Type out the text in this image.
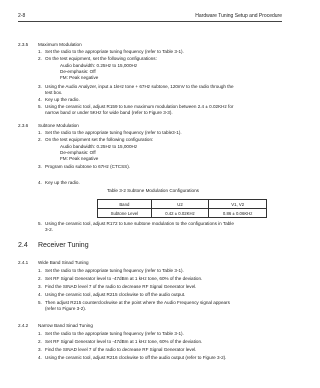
2-8	Hardware Tuning Setup and Procedure
2.3.5 Maximum Modulation
1. Set the radio to the appropriate tuning frequency (refer to Table 3-1).
2. On the test equipment, set the following configurations:
Audio bandwidth: 0.25Hz to 15,000Hz
De-emphasis: Off
FM: Peak negative
3. Using the Audio Analyzer, input a 1kHz tone + 67Hz subtone, 120mV to the radio through the
test box.
4. Key up the radio.
5. Using the ceramic tool, adjust R159 to tune maximum modulation between 2.4 ± 0.02KHz for
narrow band or under 5KHz for wide band (refer to Figure 3-3).
2.3.6 Subtone Modulation
1. Set the radio to the appropriate tuning frequency (refer to table3-1).
2. On the test equipment set the following configuration:
Audio bandwidth: 0.25Hz to 15,000Hz
De-emphasis: Off
FM: Peak negative
3. Program radio subtone to 67Hz (CTCSS).
4. Key up the radio.
Table 3-2 Subtone Modulation Configurations
Band	U2	V1, V2
Subtone Level	0.42 ± 0.02KHz	0.86 ± 0.06KHz
5. Using the ceramic tool, adjust R172 to tune subtone modulation to the configurations in Table
3-2.
2.4 Receiver Tuning
2.4.1 Wide Band Sinad Tuning
1. Set the radio to the appropriate tuning frequency (refer to Table 3-1).
2. Set RF Signal Generator level to -47dBm at 1 kHz tone, 60% of the deviation.
3. Find the SINAD level 7 of the radio to decrease RF Signal Generator level.
4. Using the ceramic tool, adjust R215 clockwise to off the audio output.
5. Then adjust R215 counterclockwise at the point where the Audio Frequency signal appears
(refer to Figure 3-2).
2.4.2 Narrow Band Sinad Tuning
1. Set the radio to the appropriate tuning frequency (refer to Table 3-1).
2. Set RF Signal Generator level to -47dBm at 1 kHz tone, 60% of the deviation.
3. Find the SINAD level 7 of the radio to decrease RF Signal Generator level.
4. Using the ceramic tool, adjust R216 clockwise to off the audio output (refer to Figure 3-2).
